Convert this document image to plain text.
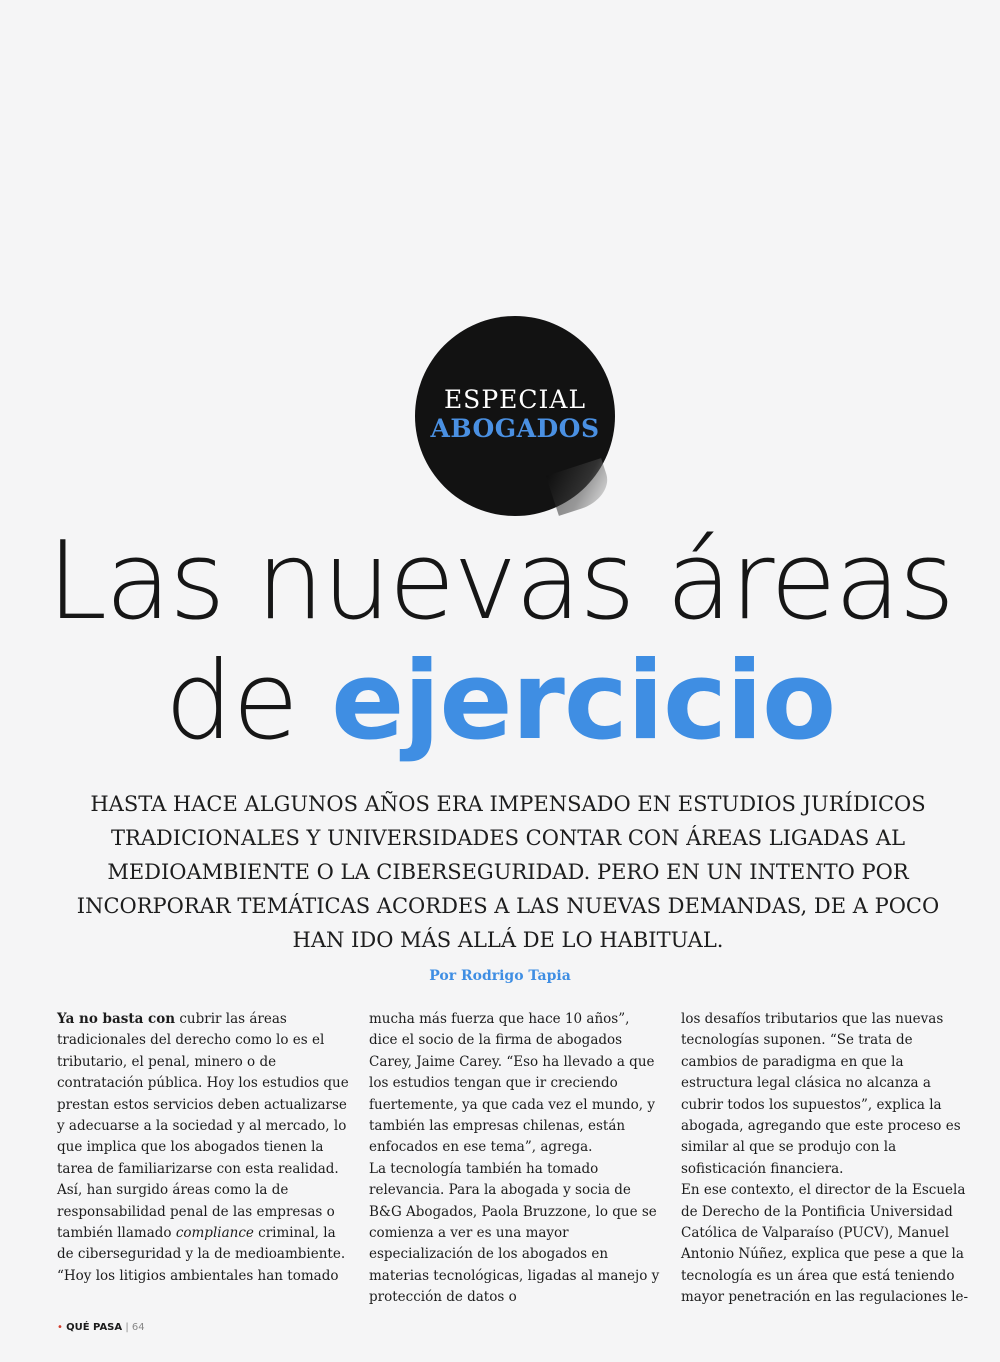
ESPECIAL
ABOGADOS
Las nuevas áreas
de ejercicio
HASTA HACE ALGUNOS AÑOS ERA IMPENSADO EN ESTUDIOS JURÍDICOS TRADICIONALES Y UNIVERSIDADES CONTAR CON ÁREAS LIGADAS AL MEDIOAMBIENTE O LA CIBERSEGURIDAD. PERO EN UN INTENTO POR INCORPORAR TEMÁTICAS ACORDES A LAS NUEVAS DEMANDAS, DE A POCO HAN IDO MÁS ALLÁ DE LO HABITUAL.
Por Rodrigo Tapia

Ya no basta con cubrir las áreas tradicionales del derecho como lo es el tributario, el penal, minero o de contratación pública. Hoy los estudios que prestan estos servicios deben actualizarse y adecuarse a la sociedad y al mercado, lo que implica que los abogados tienen la tarea de familiarizarse con esta realidad.

Así, han surgido áreas como la de responsabilidad penal de las empresas o también llamado compliance criminal, la de ciberseguridad y la de medioambiente.

“Hoy los litigios ambientales han tomado

mucha más fuerza que hace 10 años”, dice el socio de la firma de abogados Carey, Jaime Carey. “Eso ha llevado a que los estudios tengan que ir creciendo fuertemente, ya que cada vez el mundo, y también las empresas chilenas, están enfocados en ese tema”, agrega.

La tecnología también ha tomado relevancia. Para la abogada y socia de B&G Abogados, Paola Bruzzone, lo que se comienza a ver es una mayor especialización de los abogados en materias tecnológicas, ligadas al manejo y protección de datos o

los desafíos tributarios que las nuevas tecnologías suponen. “Se trata de cambios de paradigma en que la estructura legal clásica no alcanza a cubrir todos los supuestos”, explica la abogada, agregando que este proceso es similar al que se produjo con la sofisticación financiera.

En ese contexto, el director de la Escuela de Derecho de la Pontificia Universidad Católica de Valparaíso (PUCV), Manuel Antonio Núñez, explica que pese a que la tecnología es un área que está teniendo mayor penetración en las regulaciones le-

• QUÉ PASA | 64
